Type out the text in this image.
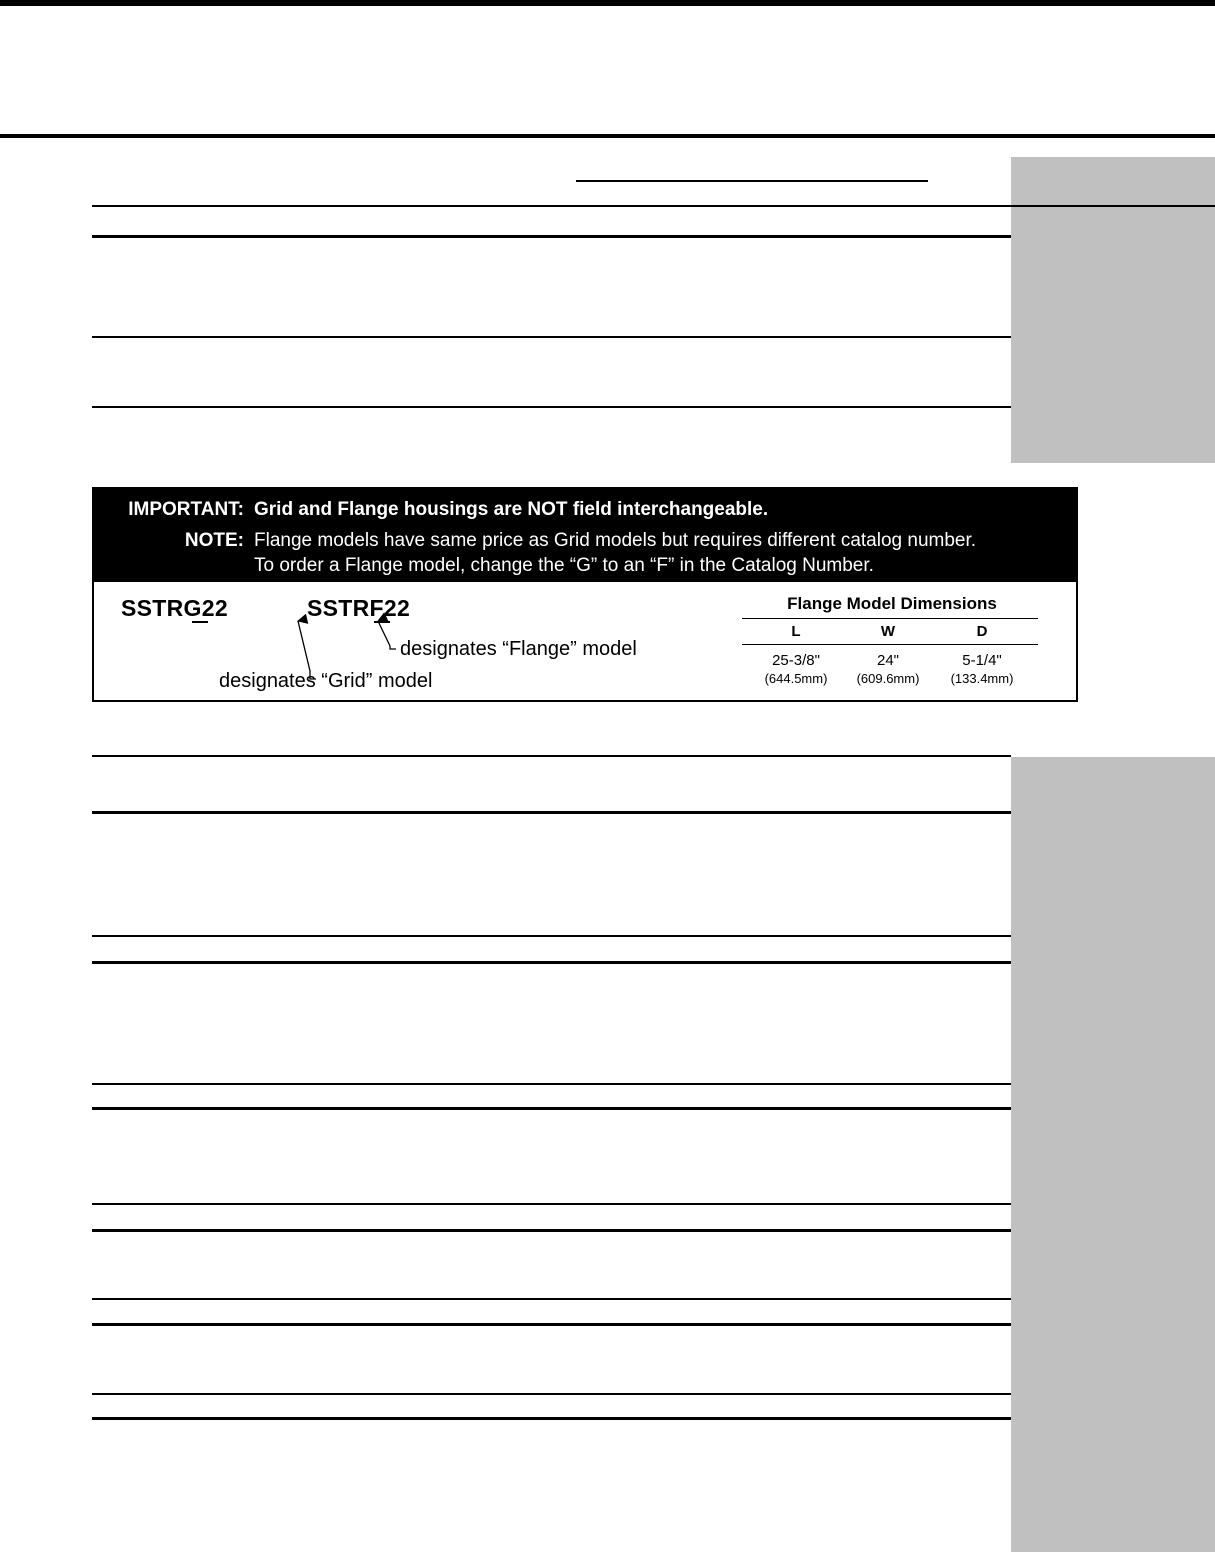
IMPORTANT: Grid and Flange housings are NOT field interchangeable.
NOTE: Flange models have same price as Grid models but requires different catalog number.
To order a Flange model, change the “G” to an “F” in the Catalog Number.
SSTRG22	SSTRF22
designates “Flange” model
designates “Grid” model
Flange Model Dimensions
L	W	D
25-3/8"	24"	5-1/4"
(644.5mm)	(609.6mm)	(133.4mm)
